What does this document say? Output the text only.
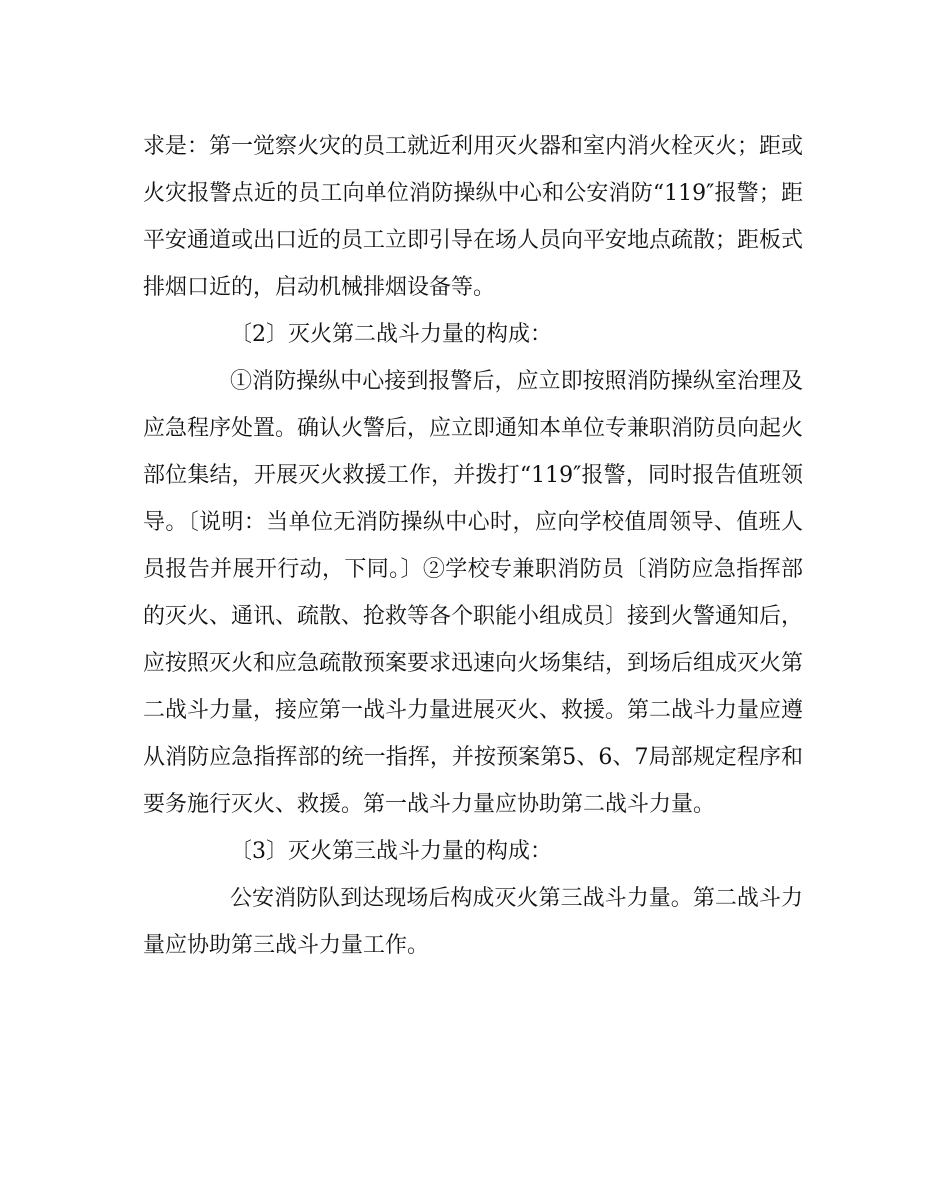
求是：第一觉察火灾的员工就近利用灭火器和室内消火栓灭火；距或
火灾报警点近的员工向单位消防操纵中心和公安消防“119″报警；距
平安通道或出口近的员工立即引导在场人员向平安地点疏散；距板式
排烟口近的，启动机械排烟设备等。
〔2〕灭火第二战斗力量的构成：
①消防操纵中心接到报警后，应立即按照消防操纵室治理及
应急程序处置。确认火警后，应立即通知本单位专兼职消防员向起火
部位集结，开展灭火救援工作，并拨打“119″报警，同时报告值班领
导。〔说明：当单位无消防操纵中心时，应向学校值周领导、值班人
员报告并展开行动，下同。〕②学校专兼职消防员〔消防应急指挥部
的灭火、通讯、疏散、抢救等各个职能小组成员〕接到火警通知后，
应按照灭火和应急疏散预案要求迅速向火场集结，到场后组成灭火第
二战斗力量，接应第一战斗力量进展灭火、救援。第二战斗力量应遵
从消防应急指挥部的统一指挥，并按预案第5、6、7局部规定程序和
要务施行灭火、救援。第一战斗力量应协助第二战斗力量。
〔3〕灭火第三战斗力量的构成：
公安消防队到达现场后构成灭火第三战斗力量。第二战斗力
量应协助第三战斗力量工作。
